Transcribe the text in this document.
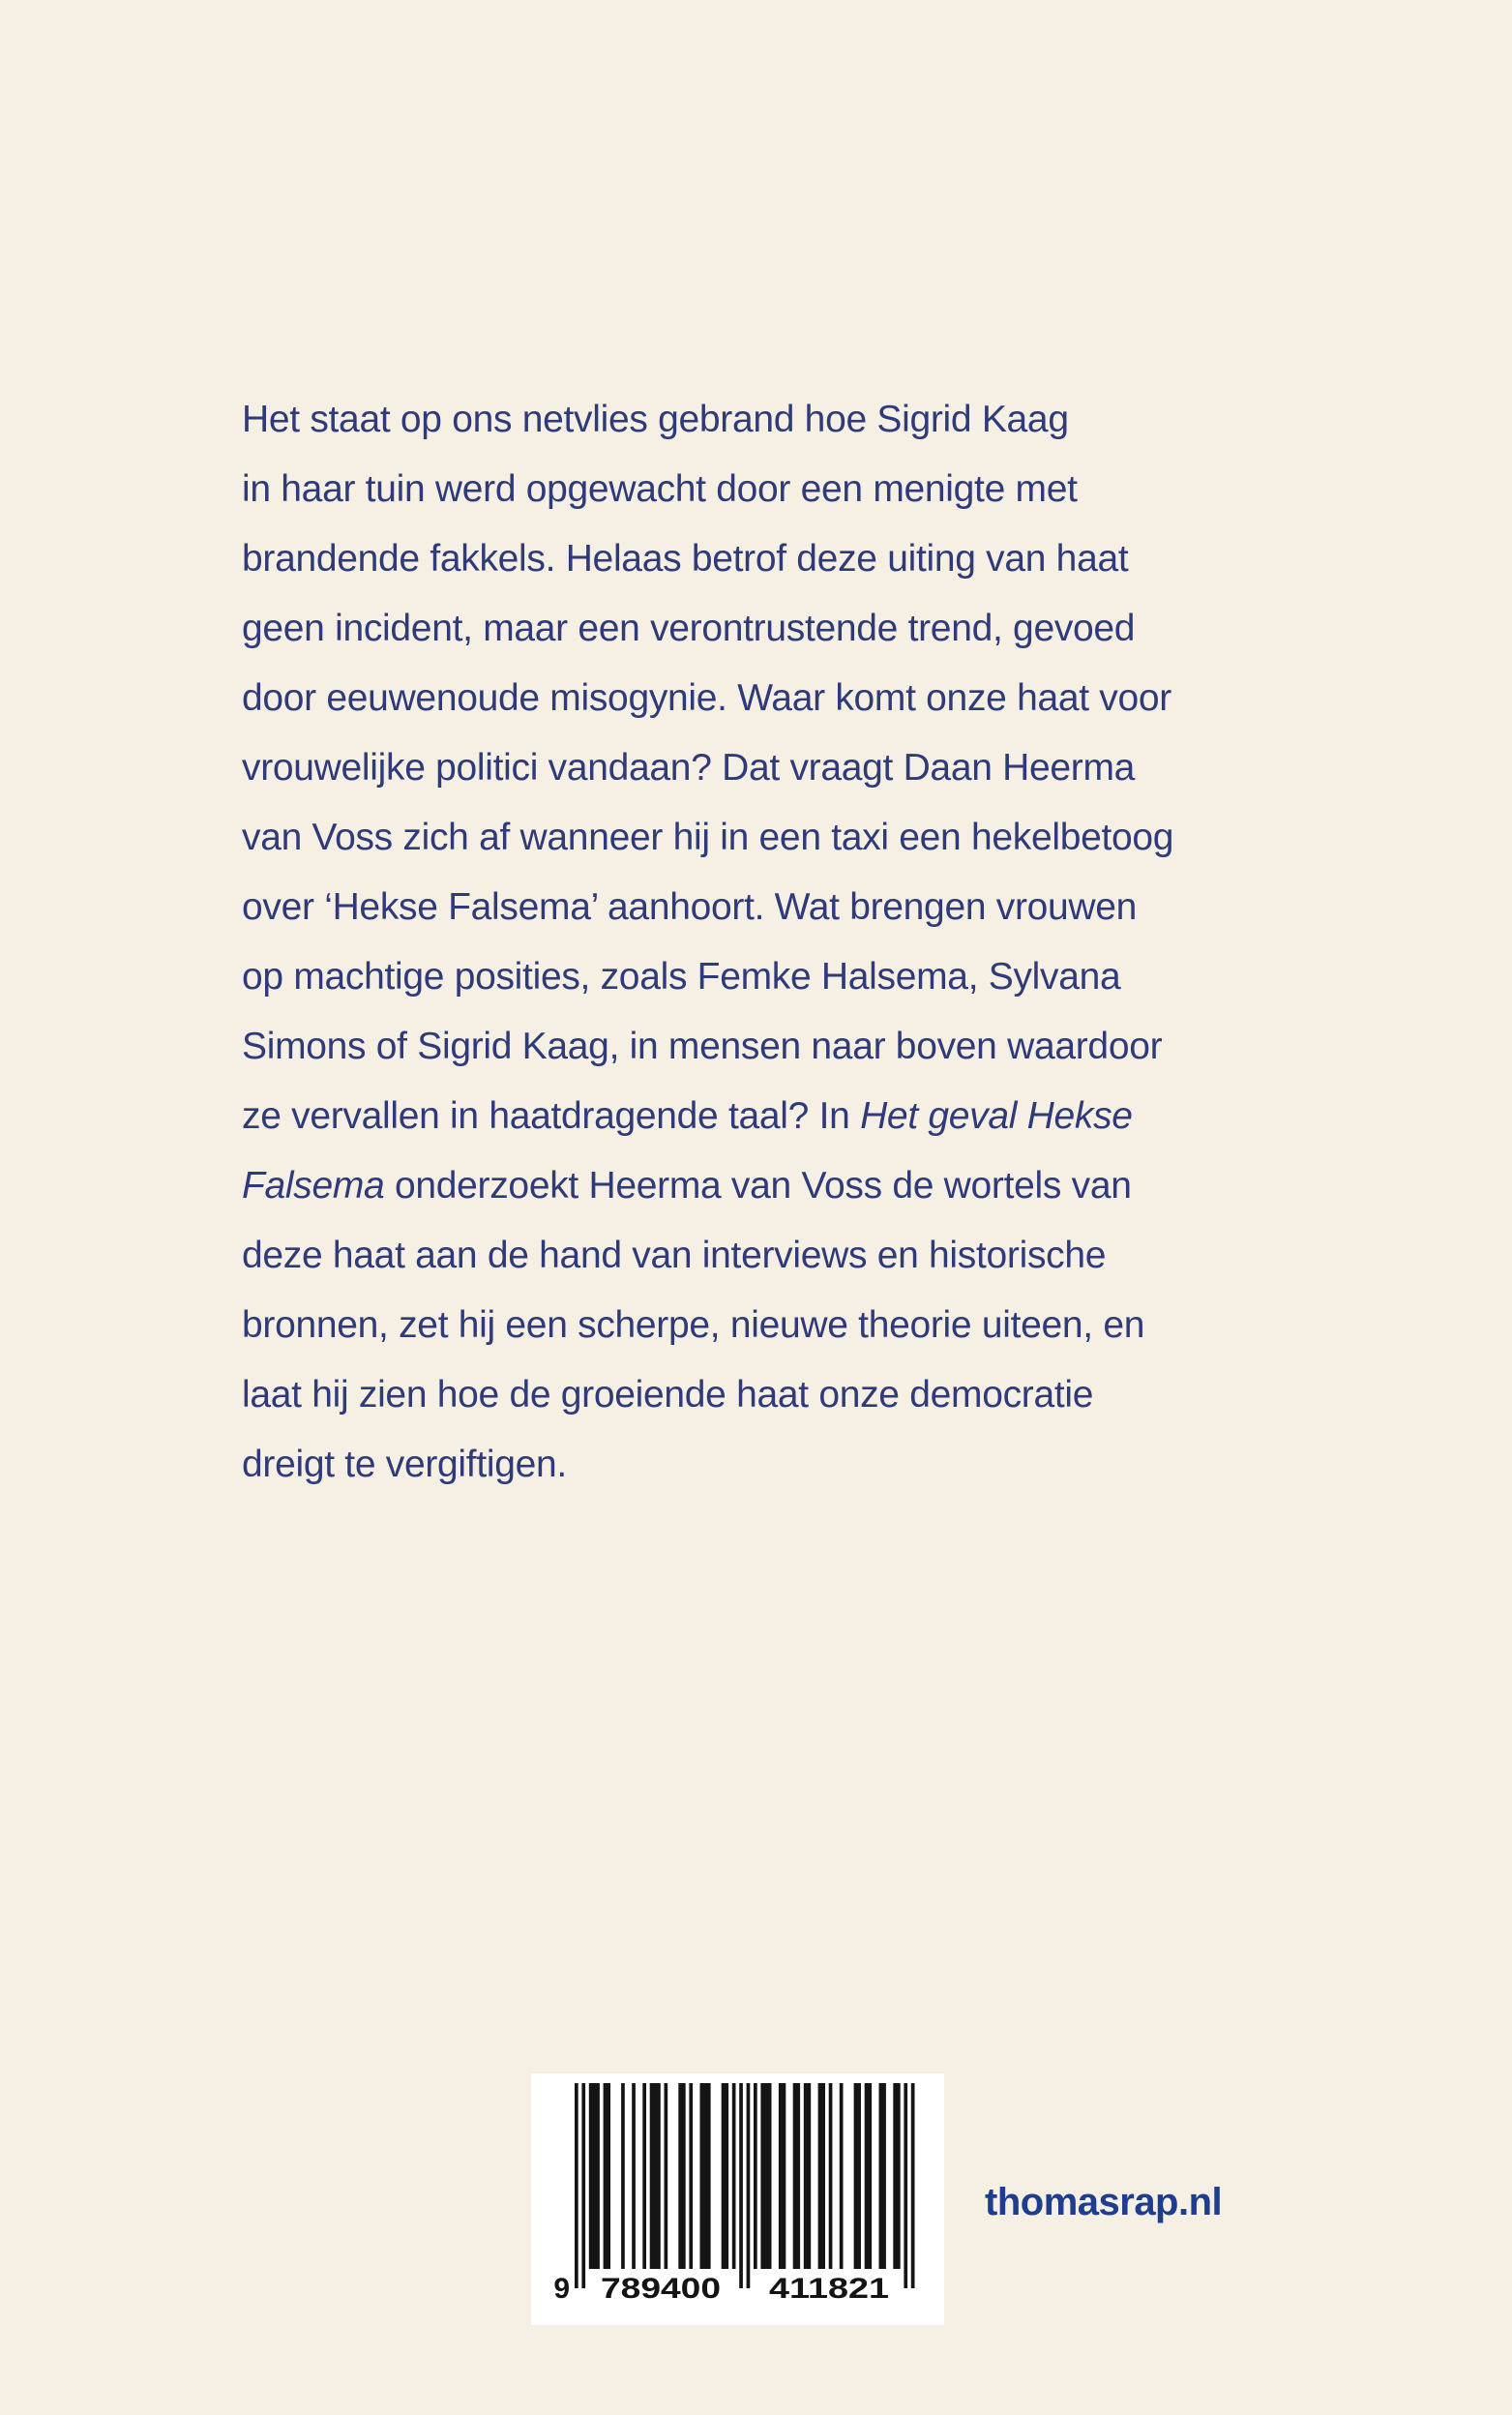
Het staat op ons netvlies gebrand hoe Sigrid Kaag
in haar tuin werd opgewacht door een menigte met
brandende fakkels. Helaas betrof deze uiting van haat
geen incident, maar een verontrustende trend, gevoed
door eeuwenoude misogynie. Waar komt onze haat voor
vrouwelijke politici vandaan? Dat vraagt Daan Heerma
van Voss zich af wanneer hij in een taxi een hekelbetoog
over ‘Hekse Falsema’ aanhoort. Wat brengen vrouwen
op machtige posities, zoals Femke Halsema, Sylvana
Simons of Sigrid Kaag, in mensen naar boven waardoor
ze vervallen in haatdragende taal? In Het geval Hekse
Falsema onderzoekt Heerma van Voss de wortels van
deze haat aan de hand van interviews en historische
bronnen, zet hij een scherpe, nieuwe theorie uiteen, en
laat hij zien hoe de groeiende haat onze democratie
dreigt te vergiftigen.
9 789400 411821
thomasrap.nl
